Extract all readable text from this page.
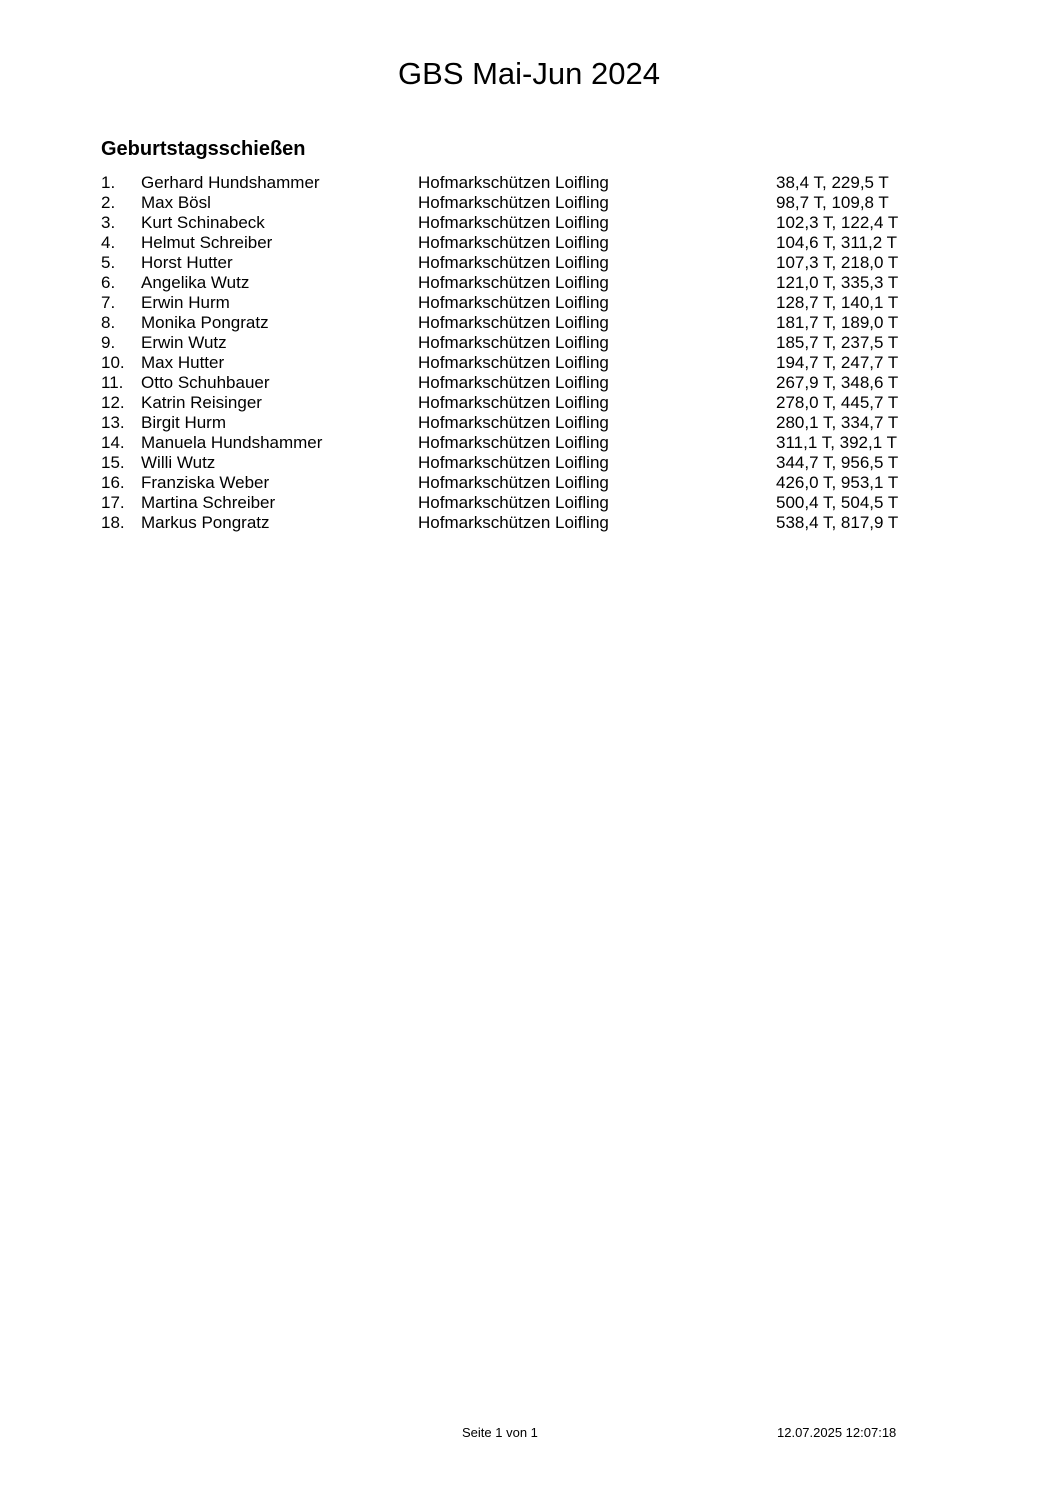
GBS Mai-Jun 2024
Geburtstagsschießen
1. Gerhard Hundshammer	Hofmarkschützen Loifling	38,4 T, 229,5 T
2. Max Bösl	Hofmarkschützen Loifling	98,7 T, 109,8 T
3. Kurt Schinabeck	Hofmarkschützen Loifling	102,3 T, 122,4 T
4. Helmut Schreiber	Hofmarkschützen Loifling	104,6 T, 311,2 T
5. Horst Hutter	Hofmarkschützen Loifling	107,3 T, 218,0 T
6. Angelika Wutz	Hofmarkschützen Loifling	121,0 T, 335,3 T
7. Erwin Hurm	Hofmarkschützen Loifling	128,7 T, 140,1 T
8. Monika Pongratz	Hofmarkschützen Loifling	181,7 T, 189,0 T
9. Erwin Wutz	Hofmarkschützen Loifling	185,7 T, 237,5 T
10. Max Hutter	Hofmarkschützen Loifling	194,7 T, 247,7 T
11. Otto Schuhbauer	Hofmarkschützen Loifling	267,9 T, 348,6 T
12. Katrin Reisinger	Hofmarkschützen Loifling	278,0 T, 445,7 T
13. Birgit Hurm	Hofmarkschützen Loifling	280,1 T, 334,7 T
14. Manuela Hundshammer	Hofmarkschützen Loifling	311,1 T, 392,1 T
15. Willi Wutz	Hofmarkschützen Loifling	344,7 T, 956,5 T
16. Franziska Weber	Hofmarkschützen Loifling	426,0 T, 953,1 T
17. Martina Schreiber	Hofmarkschützen Loifling	500,4 T, 504,5 T
18. Markus Pongratz	Hofmarkschützen Loifling	538,4 T, 817,9 T
Seite 1 von 1	12.07.2025 12:07:18
